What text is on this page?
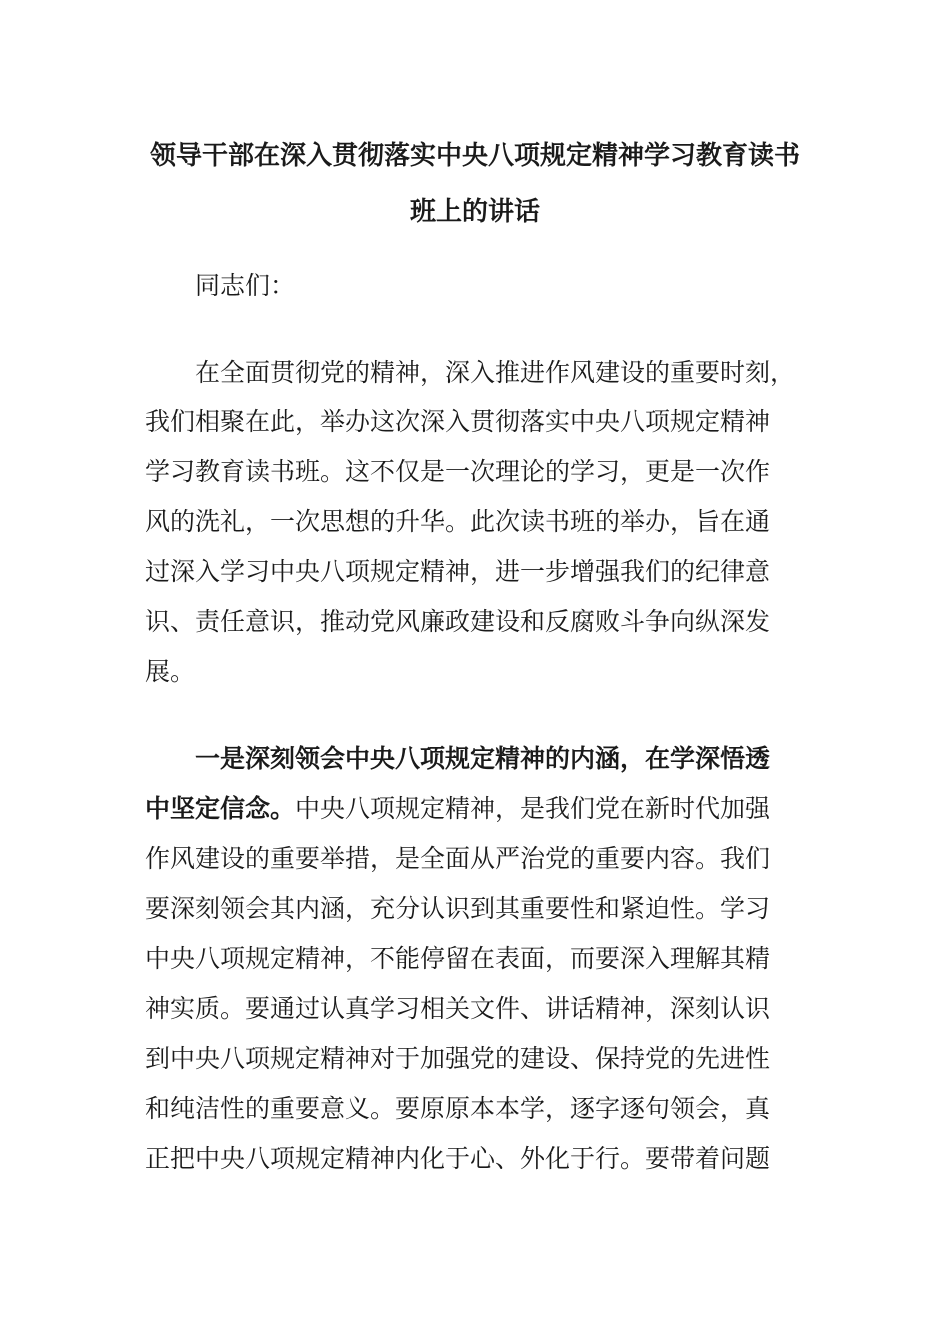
领导干部在深入贯彻落实中央八项规定精神学习教育读书
班上的讲话
同志们：
在全面贯彻党的精神，深入推进作风建设的重要时刻，
我们相聚在此，举办这次深入贯彻落实中央八项规定精神
学习教育读书班。这不仅是一次理论的学习，更是一次作
风的洗礼，一次思想的升华。此次读书班的举办，旨在通
过深入学习中央八项规定精神，进一步增强我们的纪律意
识、责任意识，推动党风廉政建设和反腐败斗争向纵深发
展。
一是深刻领会中央八项规定精神的内涵，在学深悟透
中坚定信念。中央八项规定精神，是我们党在新时代加强
作风建设的重要举措，是全面从严治党的重要内容。我们
要深刻领会其内涵，充分认识到其重要性和紧迫性。学习
中央八项规定精神，不能停留在表面，而要深入理解其精
神实质。要通过认真学习相关文件、讲话精神，深刻认识
到中央八项规定精神对于加强党的建设、保持党的先进性
和纯洁性的重要意义。要原原本本学，逐字逐句领会，真
正把中央八项规定精神内化于心、外化于行。要带着问题
